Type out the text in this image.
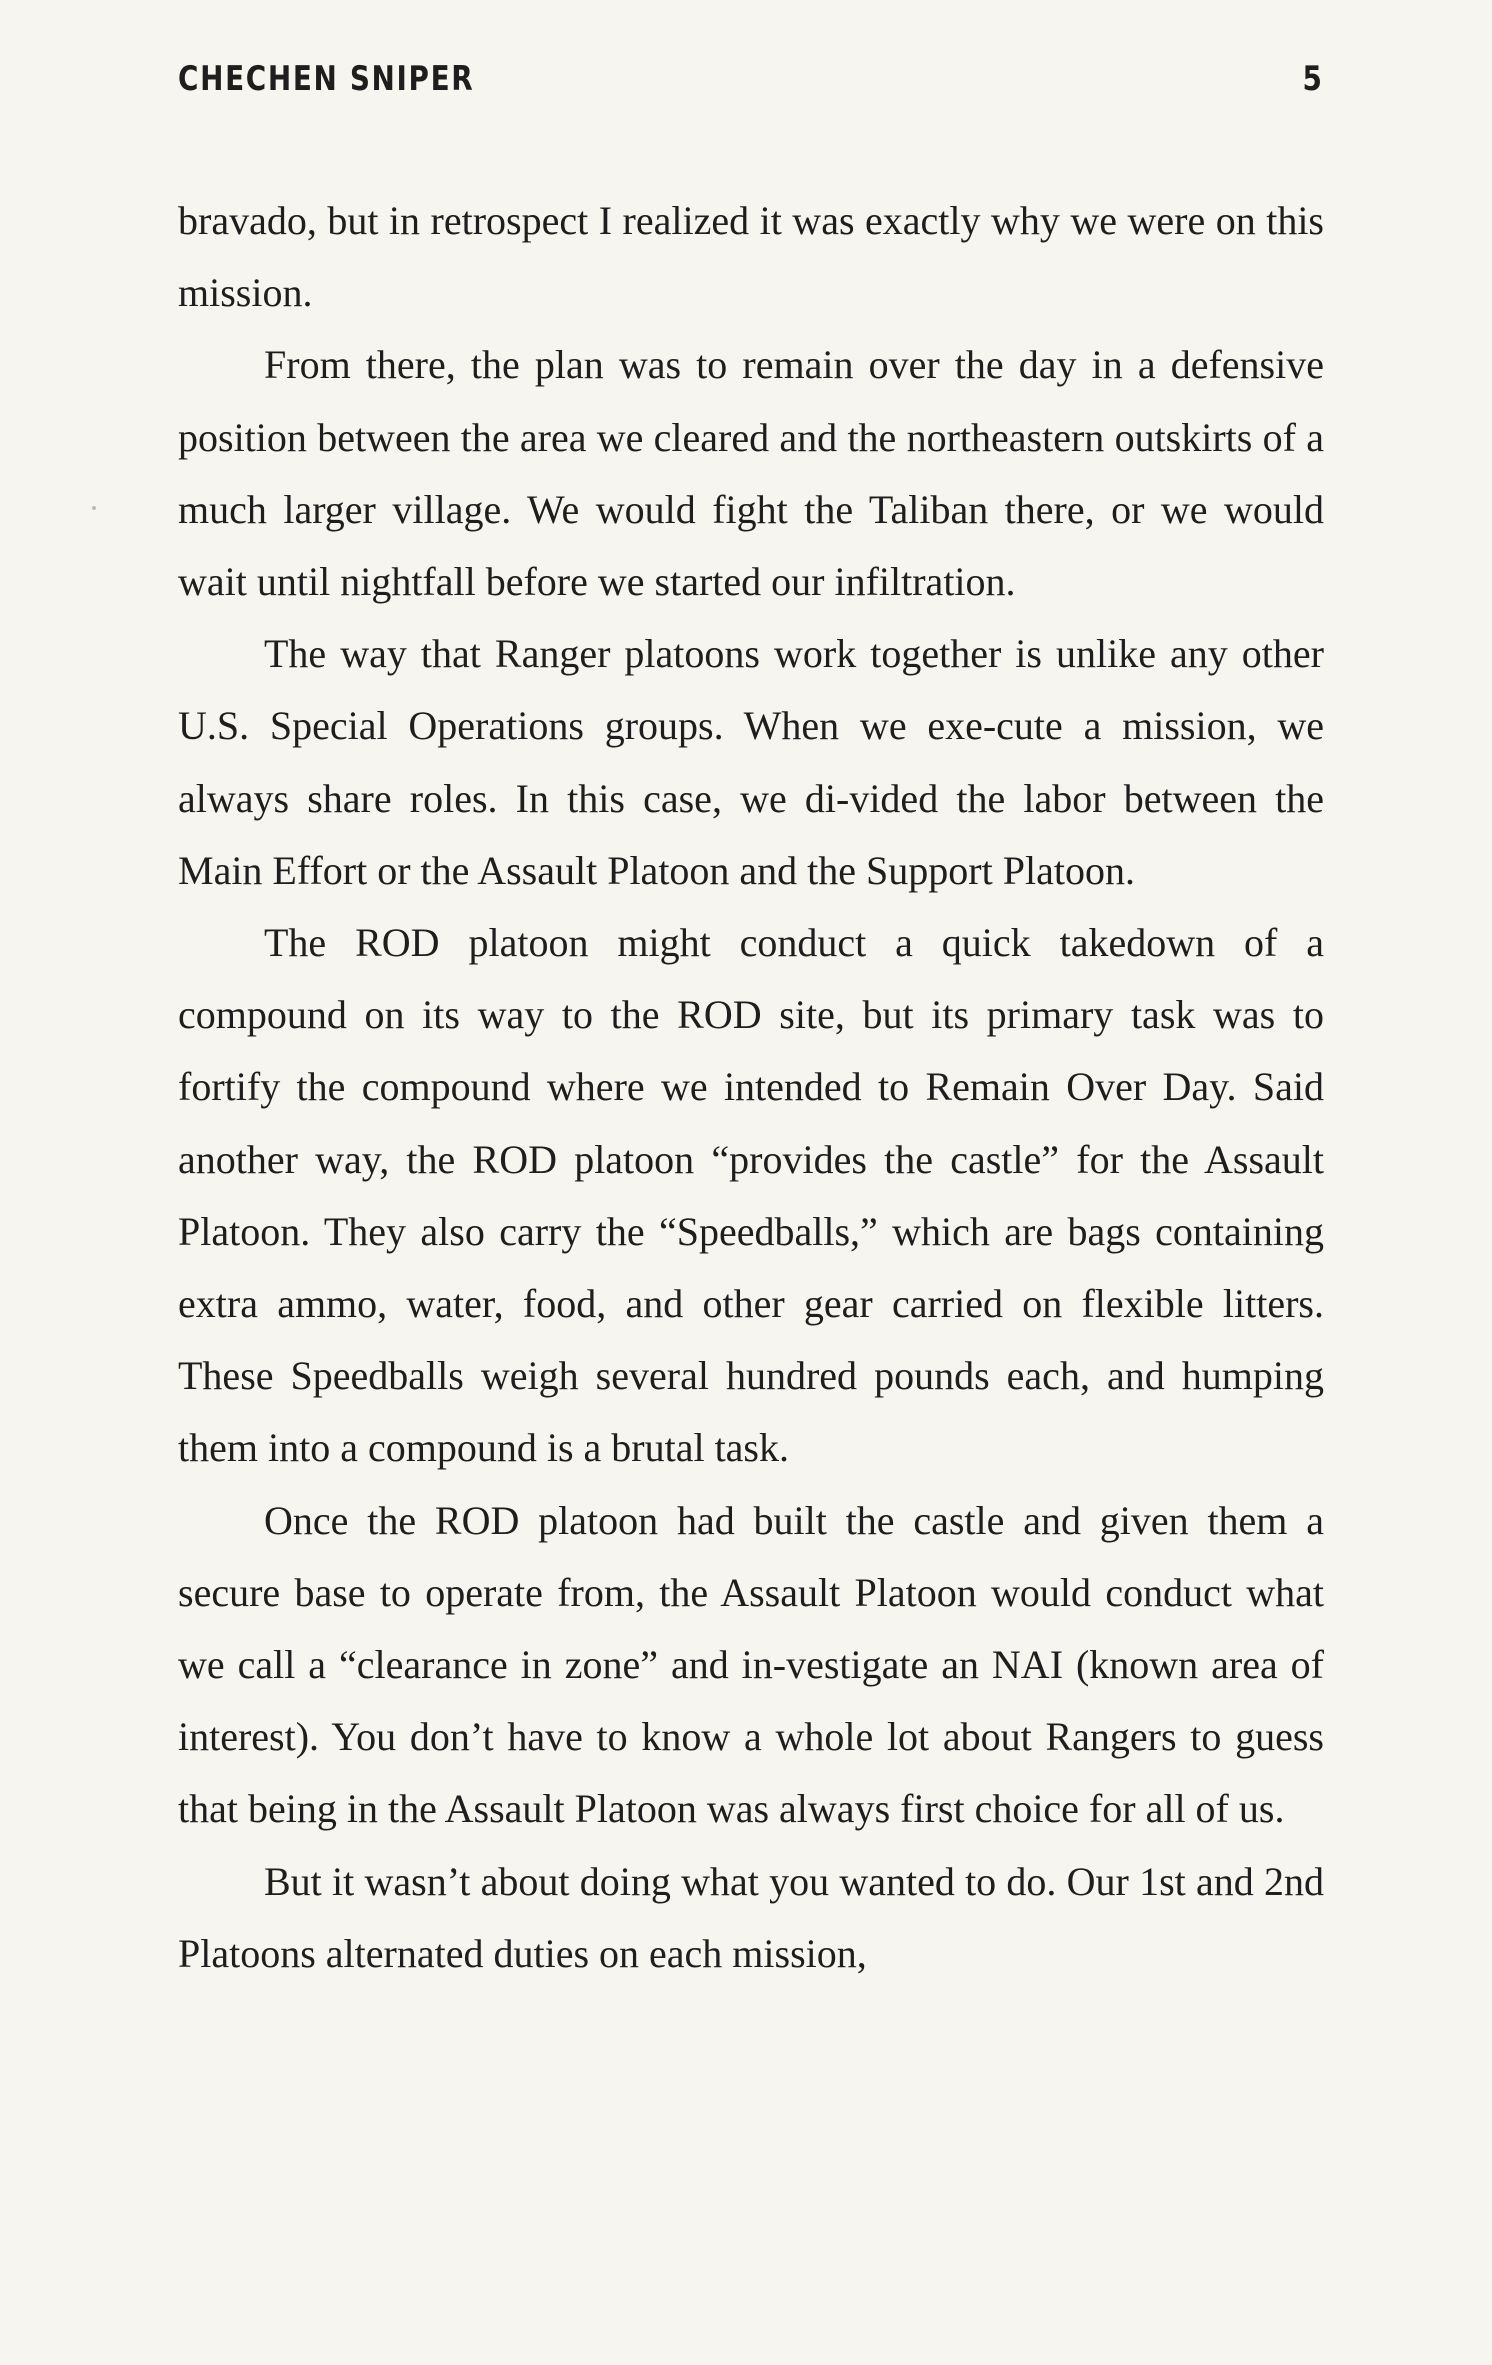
CHECHEN SNIPER	5

bravado, but in retrospect I realized it was exactly why we were on this mission.

From there, the plan was to remain over the day in a defensive position between the area we cleared and the northeastern outskirts of a much larger village. We would fight the Taliban there, or we would wait until nightfall before we started our infiltration.

The way that Ranger platoons work together is unlike any other U.S. Special Operations groups. When we exe-cute a mission, we always share roles. In this case, we di-vided the labor between the Main Effort or the Assault Platoon and the Support Platoon.

The ROD platoon might conduct a quick takedown of a compound on its way to the ROD site, but its primary task was to fortify the compound where we intended to Remain Over Day. Said another way, the ROD platoon “provides the castle” for the Assault Platoon. They also carry the “Speedballs,” which are bags containing extra ammo, water, food, and other gear carried on flexible litters. These Speedballs weigh several hundred pounds each, and humping them into a compound is a brutal task.

Once the ROD platoon had built the castle and given them a secure base to operate from, the Assault Platoon would conduct what we call a “clearance in zone” and in-vestigate an NAI (known area of interest). You don’t have to know a whole lot about Rangers to guess that being in the Assault Platoon was always first choice for all of us.

But it wasn’t about doing what you wanted to do. Our 1st and 2nd Platoons alternated duties on each mission,
